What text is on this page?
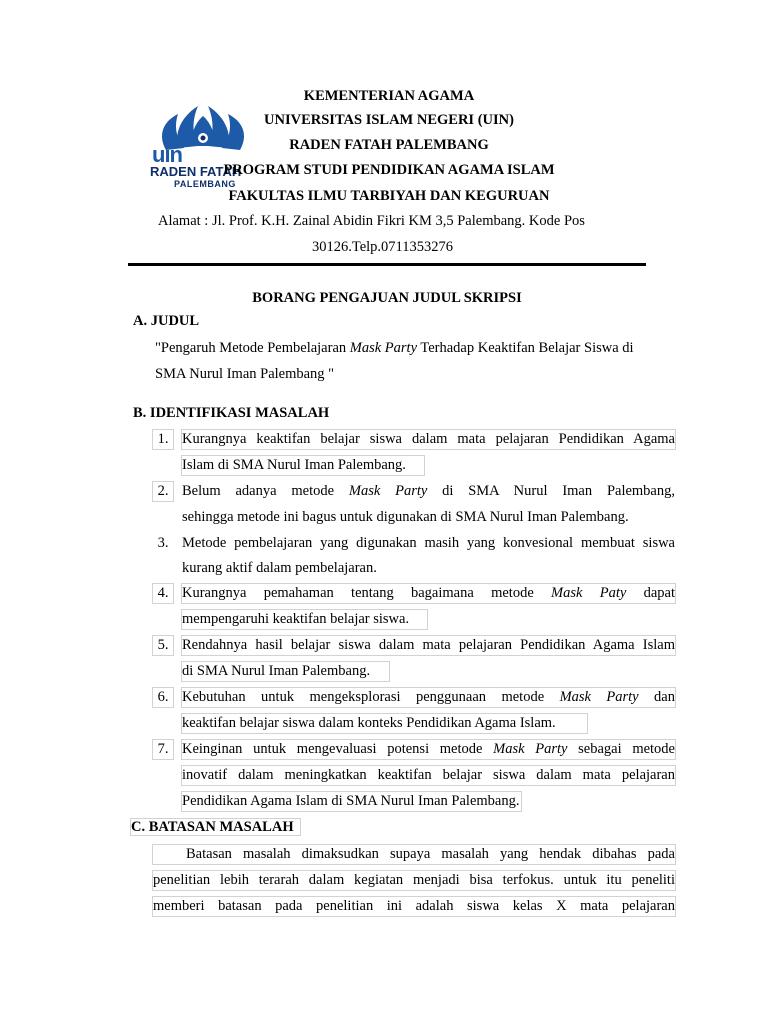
uin
RADEN FATAH
PALEMBANG
KEMENTERIAN AGAMA
UNIVERSITAS ISLAM NEGERI (UIN)
RADEN FATAH PALEMBANG
PROGRAM STUDI PENDIDIKAN AGAMA ISLAM
FAKULTAS ILMU TARBIYAH DAN KEGURUAN
Alamat : Jl. Prof. K.H. Zainal Abidin Fikri KM 3,5 Palembang. Kode Pos
30126.Telp.0711353276
BORANG PENGAJUAN JUDUL SKRIPSI
A. JUDUL
"Pengaruh Metode Pembelajaran Mask Party Terhadap Keaktifan Belajar Siswa di
SMA Nurul Iman Palembang "
B. IDENTIFIKASI MASALAH
1. Kurangnya keaktifan belajar siswa dalam mata pelajaran Pendidikan Agama
Islam di SMA Nurul Iman Palembang.
2. Belum adanya metode Mask Party di SMA Nurul Iman Palembang,
sehingga metode ini bagus untuk digunakan di SMA Nurul Iman Palembang.
3. Metode pembelajaran yang digunakan masih yang konvesional membuat siswa
kurang aktif dalam pembelajaran.
4. Kurangnya pemahaman tentang bagaimana metode Mask Paty dapat
mempengaruhi keaktifan belajar siswa.
5. Rendahnya hasil belajar siswa dalam mata pelajaran Pendidikan Agama Islam
di SMA Nurul Iman Palembang.
6. Kebutuhan untuk mengeksplorasi penggunaan metode Mask Party dan
keaktifan belajar siswa dalam konteks Pendidikan Agama Islam.
7. Keinginan untuk mengevaluasi potensi metode Mask Party sebagai metode
inovatif dalam meningkatkan keaktifan belajar siswa dalam mata pelajaran
Pendidikan Agama Islam di SMA Nurul Iman Palembang.
C. BATASAN MASALAH
Batasan masalah dimaksudkan supaya masalah yang hendak dibahas pada
penelitian lebih terarah dalam kegiatan menjadi bisa terfokus. untuk itu peneliti
memberi batasan pada penelitian ini adalah siswa kelas X mata pelajaran
